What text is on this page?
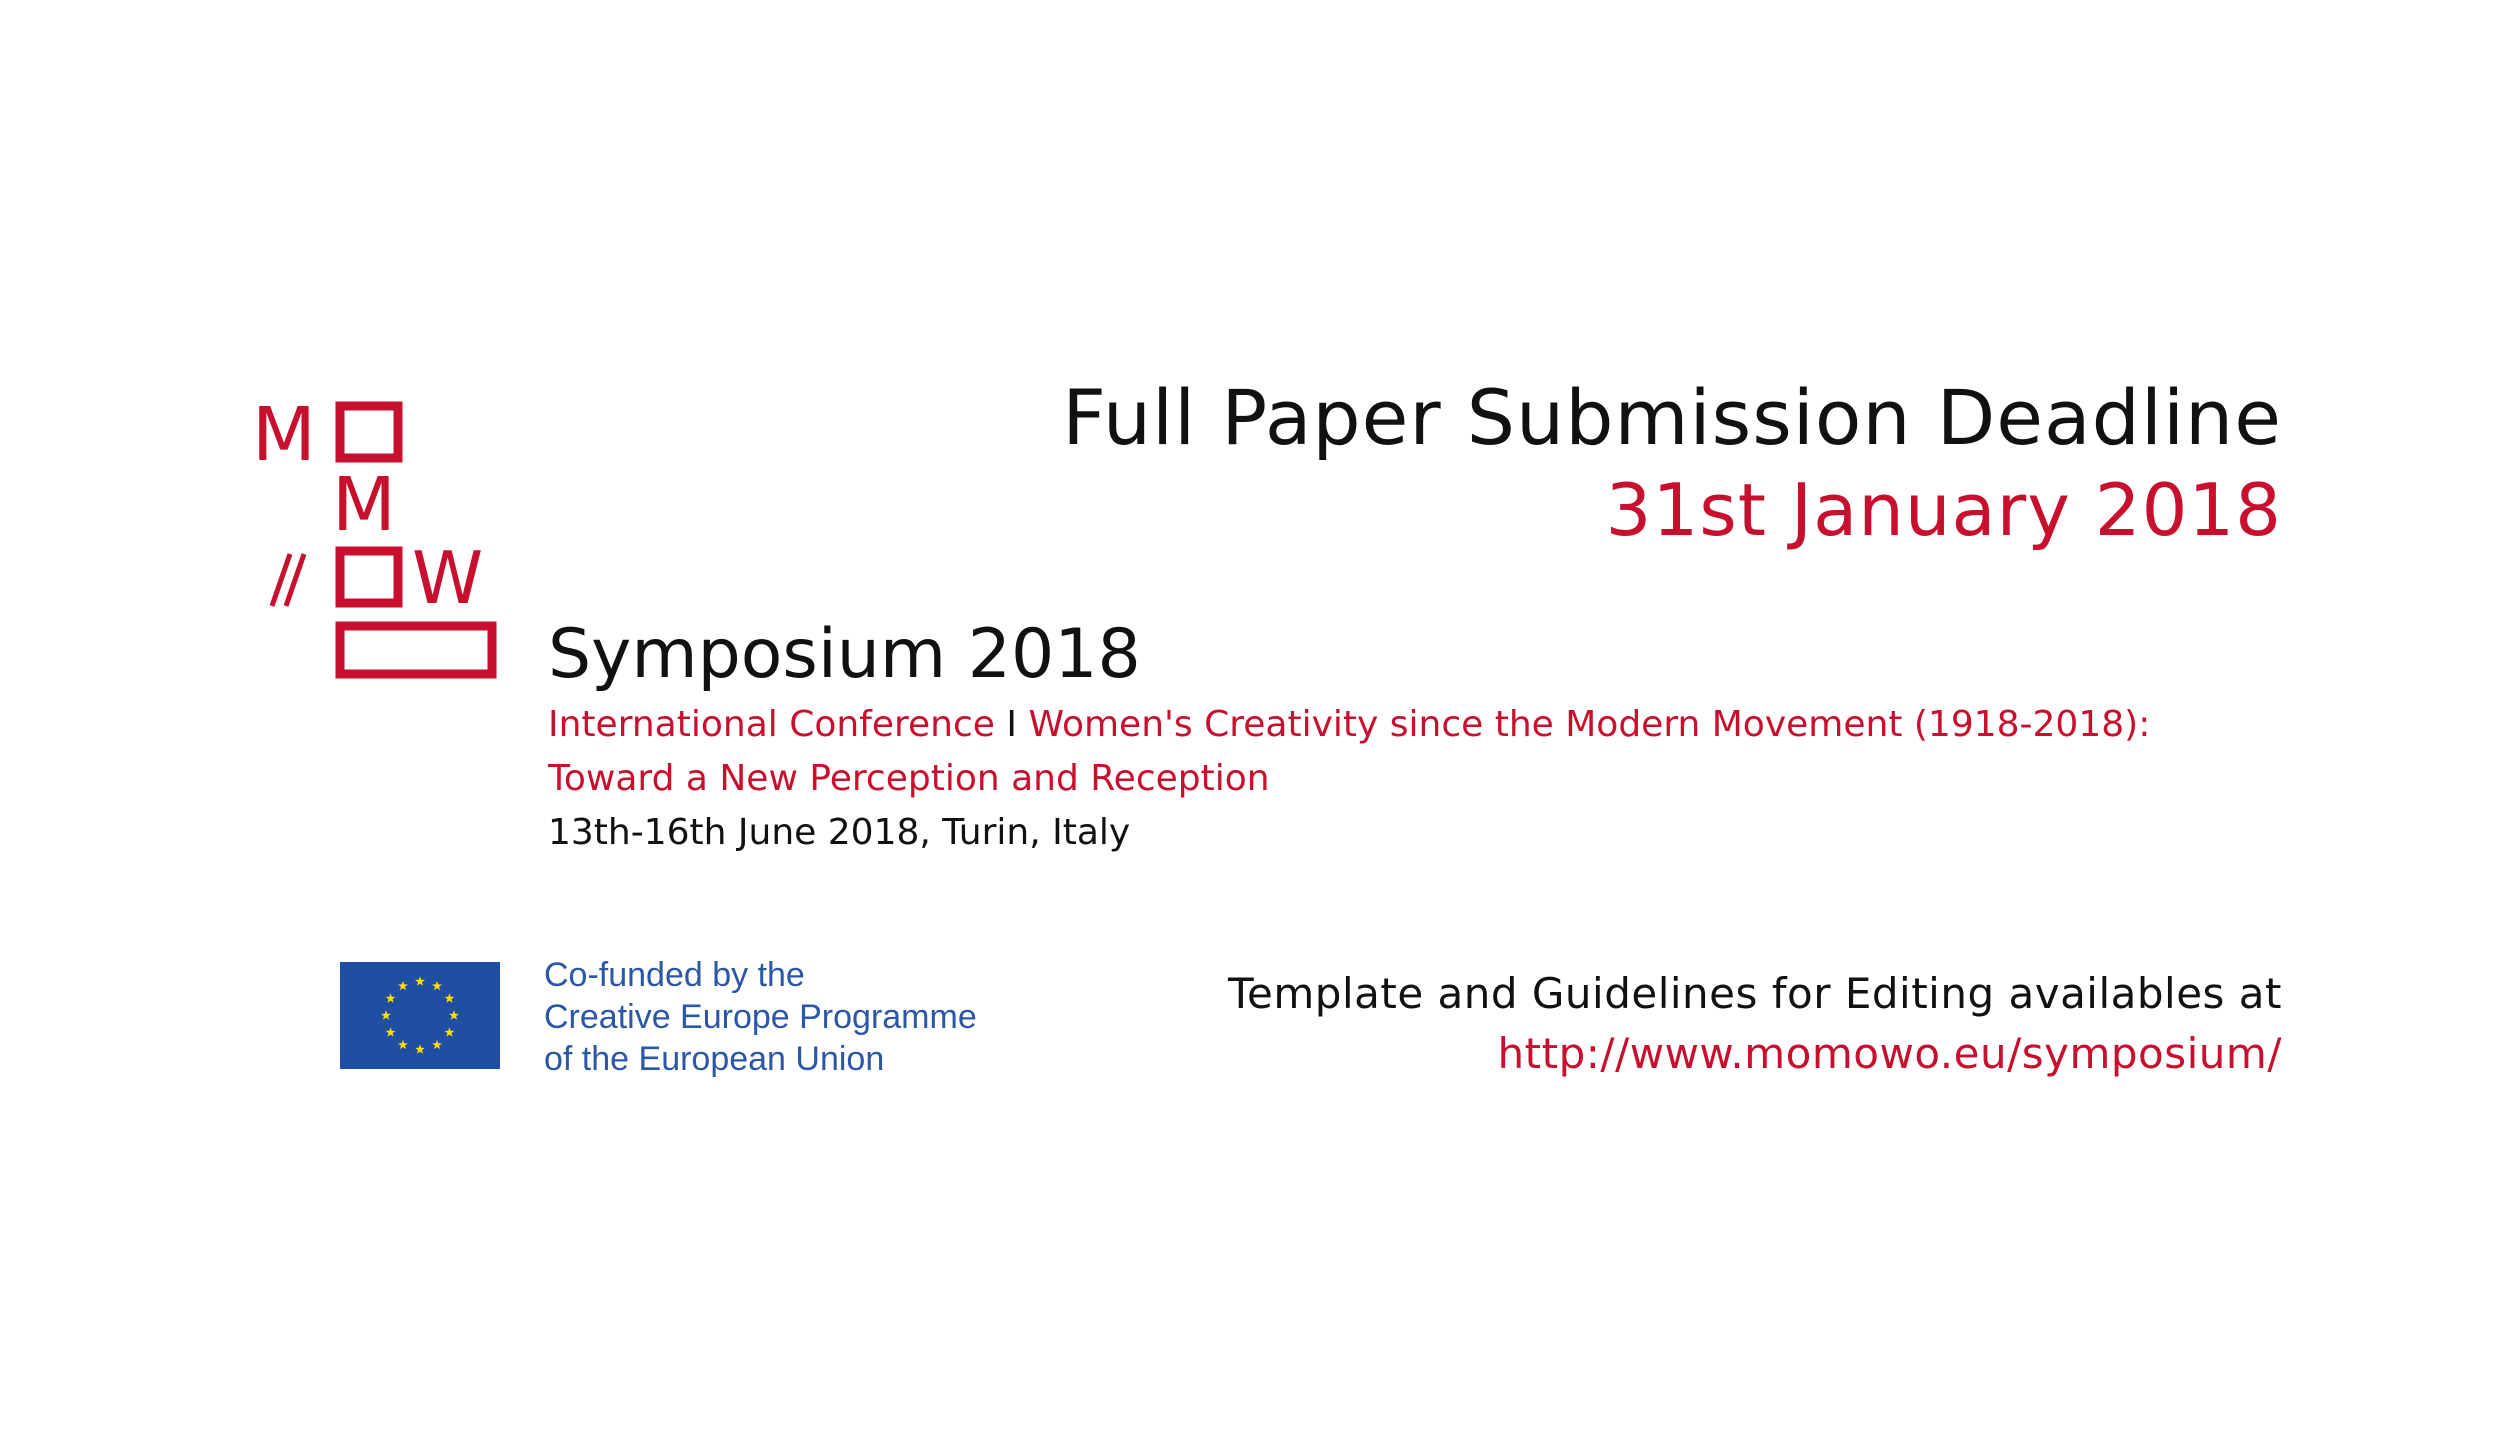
M
M
W
Full Paper Submission Deadline
31st January 2018
Symposium 2018
International Conference I Women's Creativity since the Modern Movement (1918-2018):
Toward a New Perception and Reception
13th-16th June 2018, Turin, Italy
Co-funded by the
Creative Europe Programme
of the European Union
Template and Guidelines for Editing availables at
http://www.momowo.eu/symposium/
